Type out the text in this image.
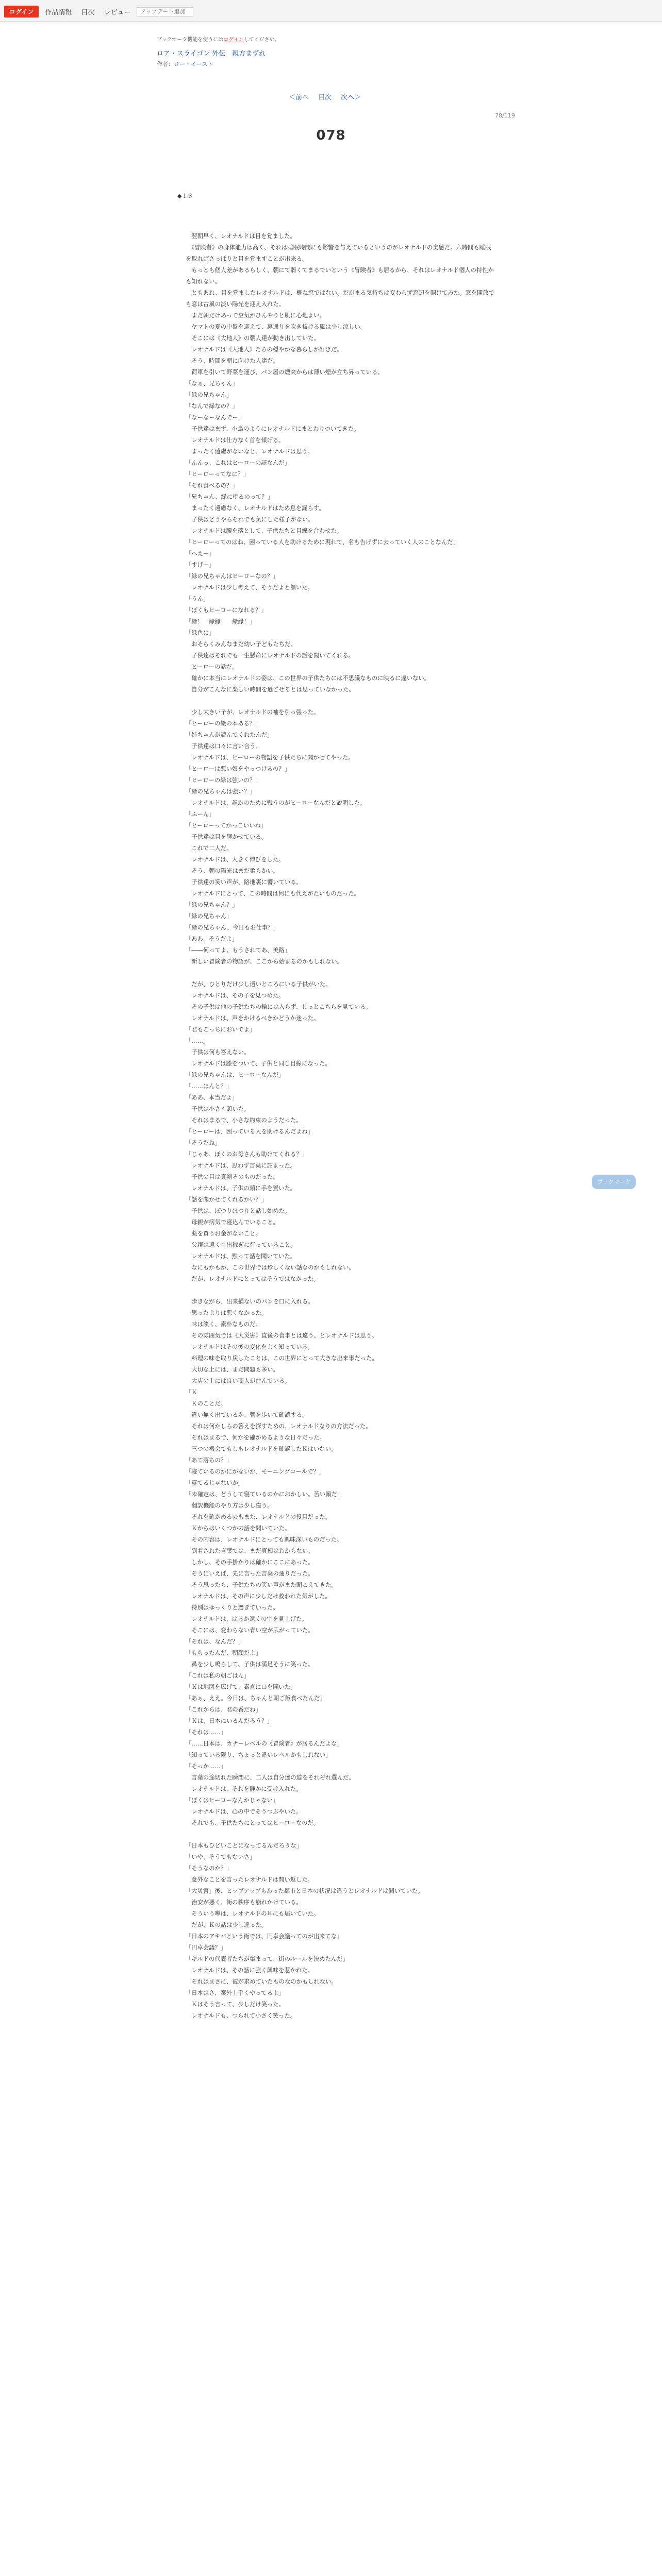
ログイン	作品情報	目次	レビュー
アップデート追加
ブックマーク機能を使うにはログインしてください。
ロア・スライゴン 外伝　親方まずれ
作者：ロー・イースト
＜前へ 目次 次へ＞
78/119
078
◆１８
　翌朝早く、レオナルドは目を覚ました。
　《冒険者》の身体能力は高く、それは睡眠時間にも影響を与えているというのがレオナルドの実感だ。六時間も睡眠を取ればさっぱりと目を覚ますことが出来る。
　もっとも個人差があるらしく、朝にて弱くてまるでいという《冒険者》も居るから、それはレオナルド個人の特性かも知れない。
　ともあれ、目を覚ましたレオナルドは、概ね窓ではない。だがまる気持ちは変わらず窓辺を開けてみた。窓を開放でも窓は古風の淡い陽光を迎え入れた。
　まだ朝だけあって空気がひんやりと肌に心地よい。
　ヤマトの夏の中盤を迎えて、裏通りを吹き抜ける風は少し涼しい。
　そこには《大地人》の朝人達が動き出していた。
　レオナルドは《大地人》たちの穏やかな暮らしが好きだ。
　そう、時間を朝に向けた人達だ。
　荷車を引いて野菜を運び、パン屋の煙突からは薄い煙が立ち昇っている。
「なぁ、兄ちゃん」
「緑の兄ちゃん」
「なんで緑なの？」
「なーなーなんでー」
　子供達はまず、小鳥のようにレオナルドにまとわりついてきた。
　レオナルドは仕方なく首を傾げる。
　まったく遠慮がないなと、レオナルドは思う。
「んんっ、これはヒーローの証なんだ」
「ヒーローってなに？」
「それ食べるの？」
「兄ちゃん、緑に塗るのって？」
　まったく遠慮なく、レオナルドはため息を漏らす。
　子供はどうやらそれでも気にした様子がない。
　レオナルドは腰を落として、子供たちと目線を合わせた。
「ヒーローってのはね、困っている人を助けるために現れて、名も告げずに去っていく人のことなんだ」
「へえー」
「すげー」
「緑の兄ちゃんはヒーローなの？」
　レオナルドは少し考えて、そうだよと頷いた。
「うん」
「ぼくもヒーローになれる？」
「緑！　緑緑！　緑緑！」
「緑色に」
　おそらくみんなまだ幼い子どもたちだ。
　子供達はそれでも一生懸命にレオナルドの話を聞いてくれる。
　ヒーローの話だ。
　確かに本当にレオナルドの姿は、この世界の子供たちには不思議なものに映るに違いない。
　自分がこんなに楽しい時間を過ごせるとは思っていなかった。
　少し大きい子が、レオナルドの袖を引っ張った。
「ヒーローの絵の本ある？」
「姉ちゃんが読んでくれたんだ」
　子供達は口々に言い合う。
　レオナルドは、ヒーローの物語を子供たちに聞かせてやった。
「ヒーローは悪い奴をやっつけるの？」
「ヒーローの緑は強いの？」
「緑の兄ちゃんは強い？」
　レオナルドは、誰かのために戦うのがヒーローなんだと説明した。
「ふーん」
「ヒーローってかっこいいね」
　子供達は目を輝かせている。
　これで二人だ。
　レオナルドは、大きく伸びをした。
　そう、朝の陽光はまだ柔らかい。
　子供達の笑い声が、路地裏に響いている。
　レオナルドにとって、この時間は何にも代えがたいものだった。
「緑の兄ちゃん？」
「緑の兄ちゃん」
「緑の兄ちゃん、今日もお仕事？」
「ああ、そうだよ」
「――何ってよ、もうされてあ、美路」
　新しい冒険者の物語が、ここから始まるのかもしれない。
　だが、ひとりだけ少し遠いところにいる子供がいた。
　レオナルドは、その子を見つめた。
　その子供は他の子供たちの輪には入らず、じっとこちらを見ている。
　レオナルドは、声をかけるべきかどうか迷った。
「君もこっちにおいでよ」
「……」
　子供は何も答えない。
　レオナルドは膝をついて、子供と同じ目線になった。
「緑の兄ちゃんは、ヒーローなんだ」
「……ほんと？」
「ああ、本当だよ」
　子供は小さく頷いた。
　それはまるで、小さな約束のようだった。
「ヒーローは、困っている人を助けるんだよね」
「そうだね」
「じゃあ、ぼくのお母さんも助けてくれる？」
　レオナルドは、思わず言葉に詰まった。
　子供の目は真剣そのものだった。
　レオナルドは、子供の頭に手を置いた。
「話を聞かせてくれるかい？」
　子供は、ぽつりぽつりと話し始めた。
　母親が病気で寝込んでいること。
　薬を買うお金がないこと。
　父親は遠くへ出稼ぎに行っていること。
　レオナルドは、黙って話を聞いていた。
　なにもかもが、この世界では珍しくない話なのかもしれない。
　だが、レオナルドにとってはそうではなかった。
　歩きながら、出来損ないのパンを口に入れる。
　思ったよりは悪くなかった。
　味は淡く、素朴なものだ。
　その雰囲気では《大災害》直後の食事とは違う、とレオナルドは思う。
　レオナルドはその後の変化をよく知っている。
　料理の味を取り戻したことは、この世界にとって大きな出来事だった。
　大切な上には、まだ問題も多い。
　大店の上には良い商人が住んでいる。
「Ｋ
　Ｋのことだ。
　違い無く出ているか、朝を歩いて確認する。
　それは何かしらの答えを探すための、レオナルドなりの方法だった。
　それはまるで、何かを確かめるような日々だった。
　三つの機会でもしもレオナルドを確認したＫはいない。
「あて落ちの？」
「寝ているのかにかないか、モーニングコールで？」
「寝てるじゃないか」
「未確定は、どうして寝ているのかにおかしい。苦い顔だ」
　翻訳機能のやり方は少し違う。
　それを確かめるのもまた、レオナルドの役目だった。
　Ｋからはいくつかの話を聞いていた。
　その内容は、レオナルドにとっても興味深いものだった。
　到着された言葉では、まだ真相はわからない。
　しかし、その手掛かりは確かにここにあった。
　そうにいえば、先に言った言葉の通りだった。
　そう思ったら、子供たちの笑い声がまた聞こえてきた。
　レオナルドは、その声に少しだけ救われた気がした。
　特別はゆっくりと過ぎていった。
　レオナルドは、はるか遠くの空を見上げた。
　そこには、変わらない青い空が広がっていた。
「それは、なんだ？」
「もらったんだ、朝顔だよ」
　鼻を少し鳴らして、子供は満足そうに笑った。
「これは私の朝ごはん」
「Ｋは地図を広げて、素直に口を開いた」
「あぁ、ええ。今日は、ちゃんと朝ご飯食べたんだ」
「これからは、君の番だね」
「Ｋは、日本にいるんだろう？」
「それは……」
「……日本は、カナーレベルの《冒険者》が居るんだよな」
「知っている限り、ちょっと違いレベルかもしれない」
「そっか……」
　言葉の途切れた瞬間に、二人は自分達の道をそれぞれ選んだ。
　レオナルドは、それを静かに受け入れた。
「ぼくはヒーローなんかじゃない」
　レオナルドは、心の中でそうつぶやいた。
　それでも、子供たちにとってはヒーローなのだ。
「日本もひどいことになってるんだろうな」
「いや、そうでもないさ」
「そうなのか？」
　意外なことを言ったレオナルドは問い返した。
「大災害」後、ヒップアップもあった都市と日本の状況は違うとレオナルドは聞いていた。
　治安が悪く、街の秩序も崩れかけている。
　そういう噂は、レオナルドの耳にも届いていた。
　だが、Ｋの話は少し違った。
「日本のアキバという街では、円卓会議ってのが出来てな」
「円卓会議？」
「ギルドの代表者たちが集まって、街のルールを決めたんだ」
　レオナルドは、その話に強く興味を惹かれた。
　それはまさに、彼が求めていたものなのかもしれない。
「日本はさ、案外上手くやってるよ」
　Ｋはそう言って、少しだけ笑った。
　レオナルドも、つられて小さく笑った。
ブックマーク
